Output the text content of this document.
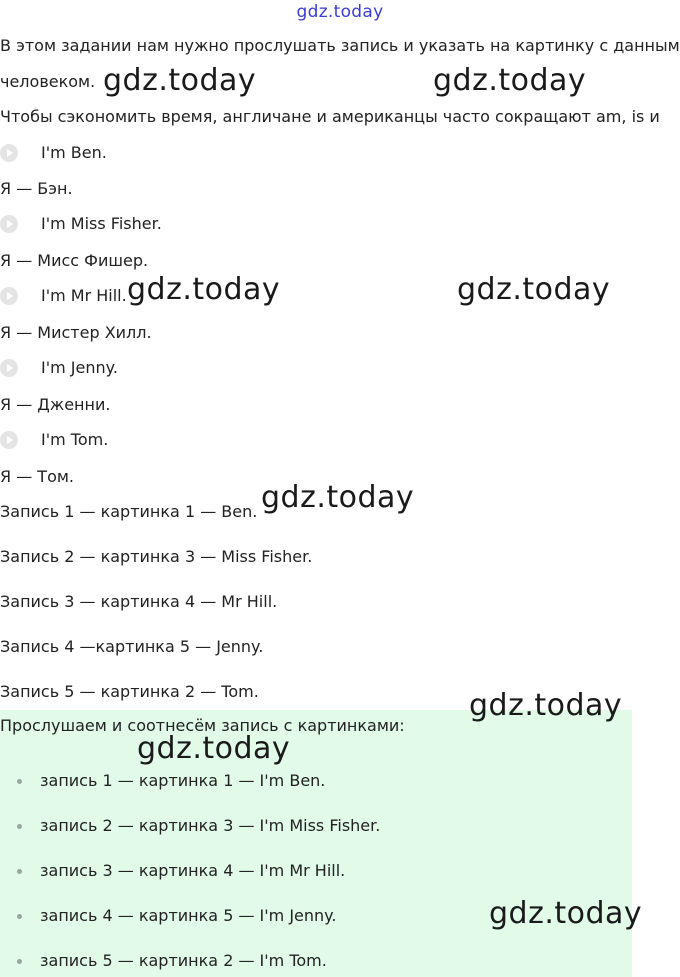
gdz.today
В этом задании нам нужно прослушать запись и указать на картинку с данным
человеком.
Чтобы сэкономить время, англичане и американцы часто сокращают am, is и
I'm Ben.
Я — Бэн.
I'm Miss Fisher.
Я — Мисс Фишер.
I'm Mr Hill.
Я — Мистер Хилл.
I'm Jenny.
Я — Дженни.
I'm Tom.
Я — Том.
Запись 1 — картинка 1 — Ben.
Запись 2 — картинка 3 — Miss Fisher.
Запись 3 — картинка 4 — Mr Hill.
Запись 4 —картинка 5 — Jenny.
Запись 5 — картинка 2 — Tom.
Прослушаем и соотнесём запись с картинками:
запись 1 — картинка 1 — I'm Ben.
запись 2 — картинка 3 — I'm Miss Fisher.
запись 3 — картинка 4 — I'm Mr Hill.
запись 4 — картинка 5 — I'm Jenny.
запись 5 — картинка 2 — I'm Tom.
gdz.today	gdz.today
gdz.today	gdz.today
gdz.today
gdz.today
gdz.today
gdz.today
